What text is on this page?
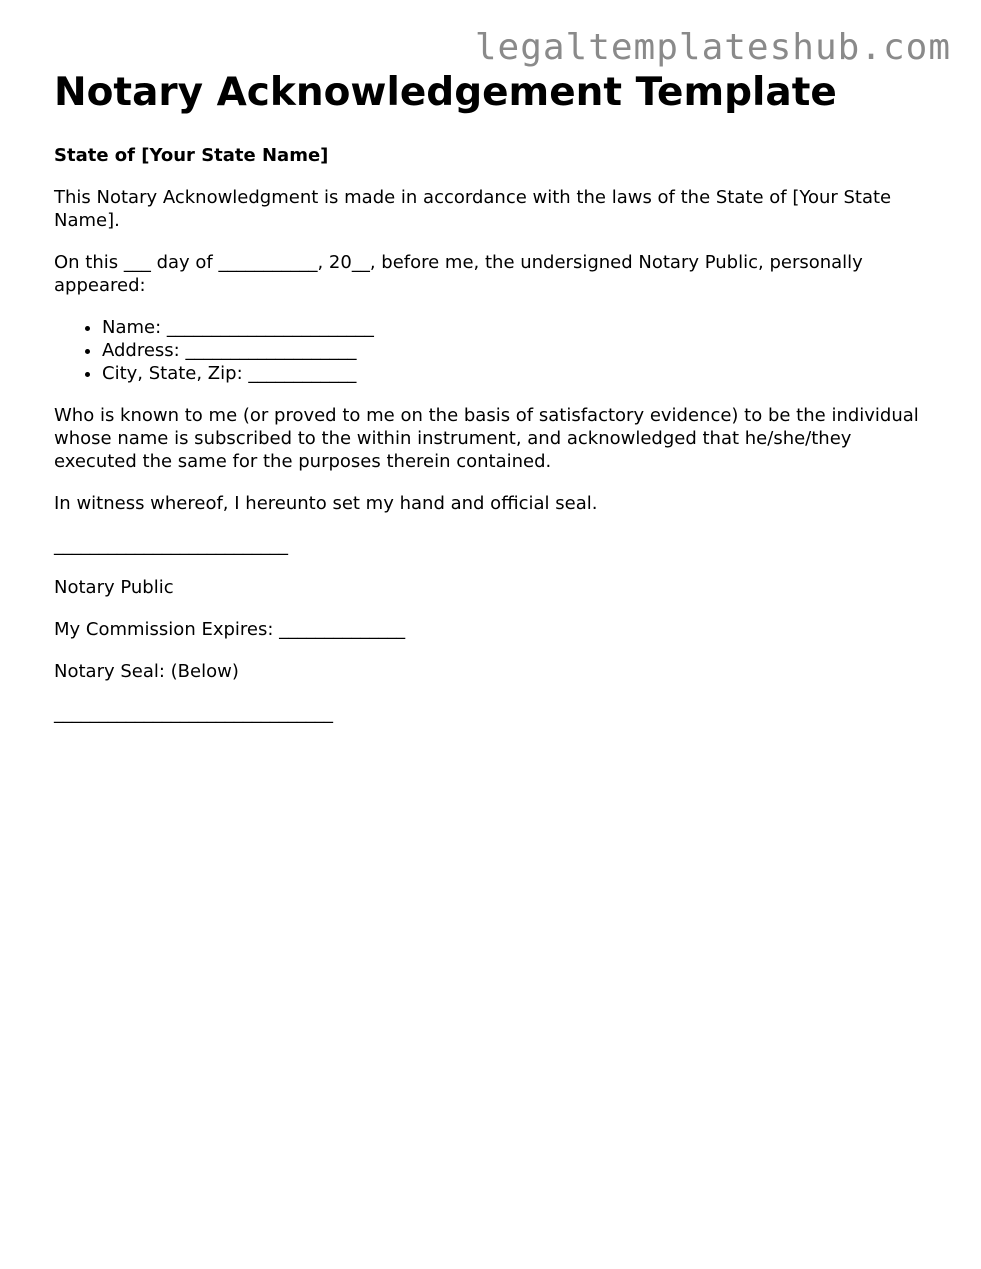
legaltemplateshub.com
Notary Acknowledgement Template
State of [Your State Name]

This Notary Acknowledgment is made in accordance with the laws of the State of [Your State Name].

On this ___ day of ___________, 20__, before me, the undersigned Notary Public, personally appeared:

• Name: _______________________
• Address: ___________________
• City, State, Zip: ____________

Who is known to me (or proved to me on the basis of satisfactory evidence) to be the individual whose name is subscribed to the within instrument, and acknowledged that he/she/they executed the same for the purposes therein contained.

In witness whereof, I hereunto set my hand and official seal.

__________________________

Notary Public

My Commission Expires: ______________

Notary Seal: (Below)

_______________________________
